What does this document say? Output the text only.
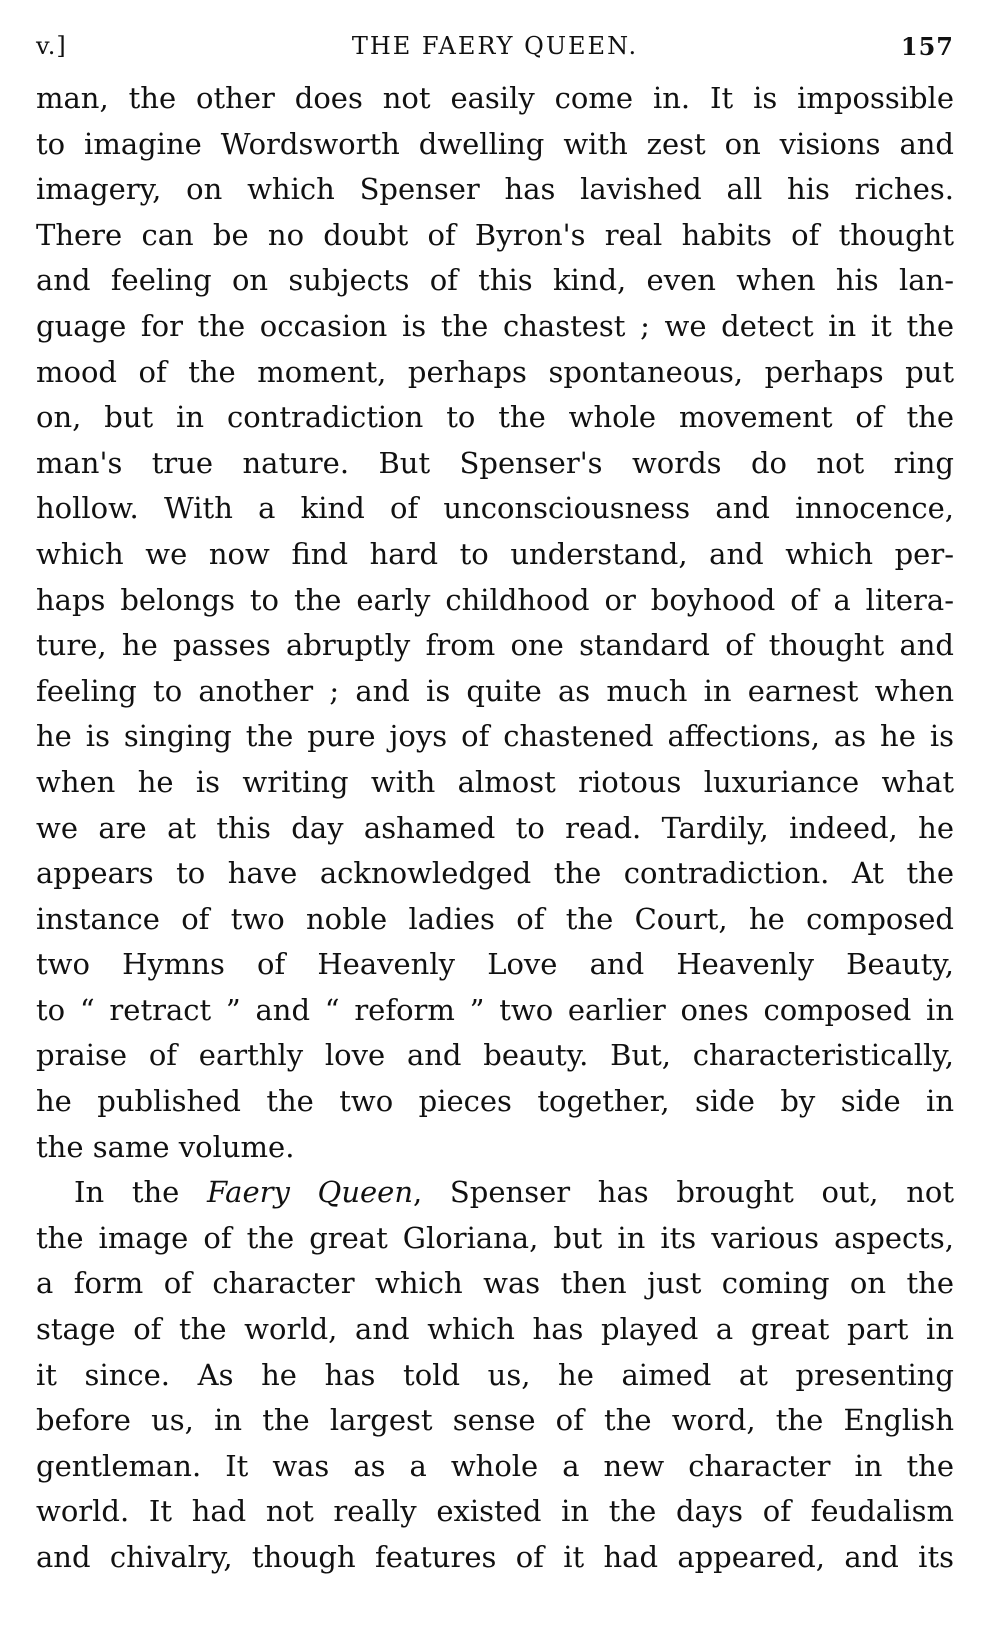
v.]	THE FAERY QUEEN.	157
man, the other does not easily come in. It is impossible
to imagine Wordsworth dwelling with zest on visions and
imagery, on which Spenser has lavished all his riches.
There can be no doubt of Byron's real habits of thought
and feeling on subjects of this kind, even when his lan-
guage for the occasion is the chastest ; we detect in it the
mood of the moment, perhaps spontaneous, perhaps put
on, but in contradiction to the whole movement of the
man's true nature. But Spenser's words do not ring
hollow. With a kind of unconsciousness and innocence,
which we now find hard to understand, and which per-
haps belongs to the early childhood or boyhood of a litera-
ture, he passes abruptly from one standard of thought and
feeling to another ; and is quite as much in earnest when
he is singing the pure joys of chastened affections, as he is
when he is writing with almost riotous luxuriance what
we are at this day ashamed to read. Tardily, indeed, he
appears to have acknowledged the contradiction. At the
instance of two noble ladies of the Court, he composed
two Hymns of Heavenly Love and Heavenly Beauty,
to “ retract ” and “ reform ” two earlier ones composed in
praise of earthly love and beauty. But, characteristically,
he published the two pieces together, side by side in
the same volume.
In the Faery Queen, Spenser has brought out, not
the image of the great Gloriana, but in its various aspects,
a form of character which was then just coming on the
stage of the world, and which has played a great part in
it since. As he has told us, he aimed at presenting
before us, in the largest sense of the word, the English
gentleman. It was as a whole a new character in the
world. It had not really existed in the days of feudalism
and chivalry, though features of it had appeared, and its
